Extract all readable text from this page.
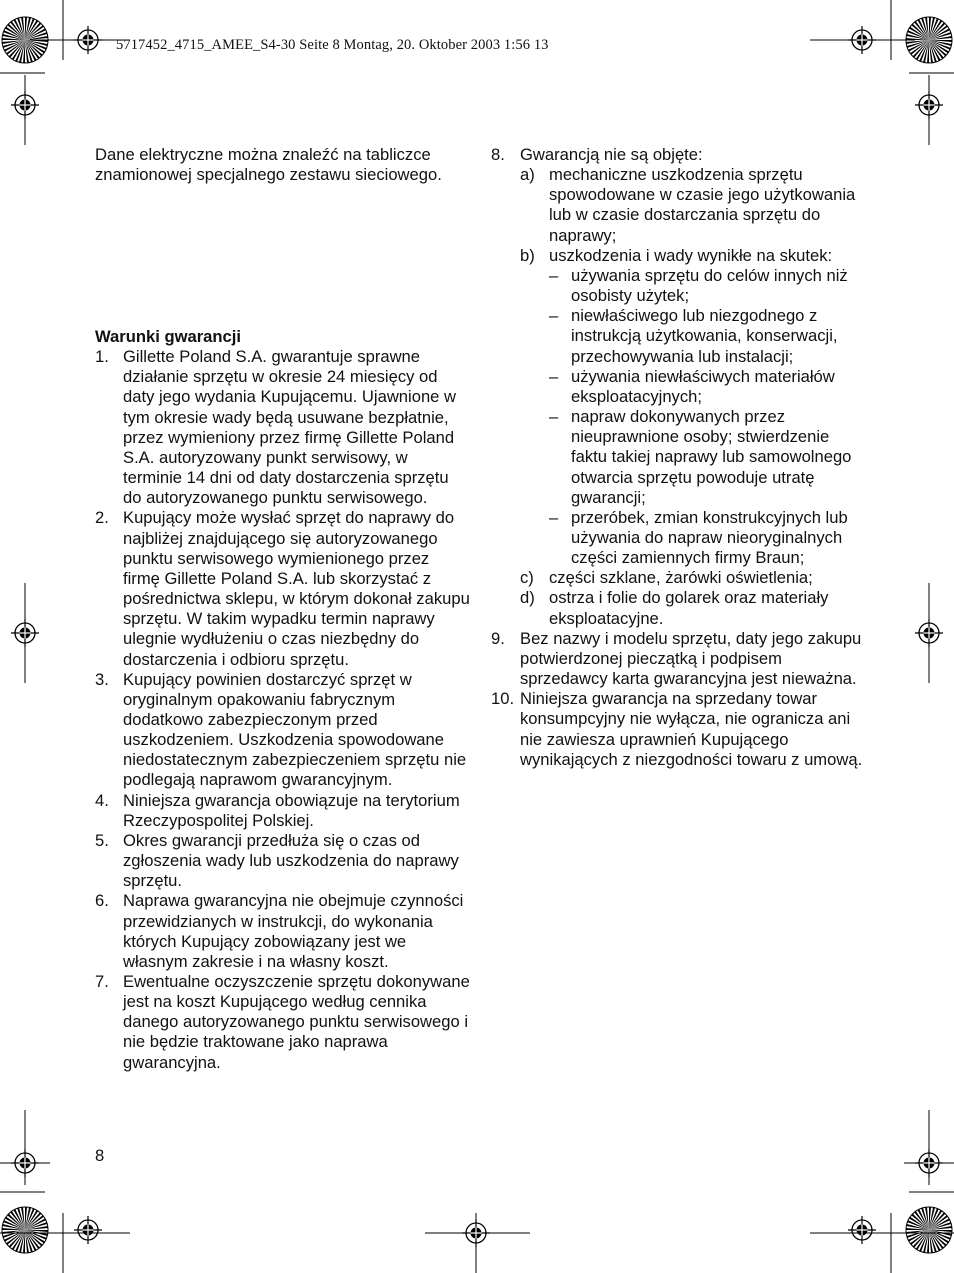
5717452_4715_AMEE_S4-30 Seite 8 Montag, 20. Oktober 2003 1:56 13

Dane elektryczne można znaleźć na tabliczce znamionowej specjalnego zestawu sieciowego.

Warunki gwarancji

1. Gillette Poland S.A. gwarantuje sprawne działanie sprzętu w okresie 24 miesięcy od daty jego wydania Kupującemu. Ujawnione w tym okresie wady będą usuwane bezpłatnie, przez wymieniony przez firmę Gillette Poland S.A. autoryzowany punkt serwisowy, w terminie 14 dni od daty dostarczenia sprzętu do autoryzowanego punktu serwisowego.
2. Kupujący może wysłać sprzęt do naprawy do najbliżej znajdującego się autoryzowanego punktu serwisowego wymienionego przez firmę Gillette Poland S.A. lub skorzystać z pośrednictwa sklepu, w którym dokonał zakupu sprzętu. W takim wypadku termin naprawy ulegnie wydłużeniu o czas niezbędny do dostarczenia i odbioru sprzętu.
3. Kupujący powinien dostarczyć sprzęt w oryginalnym opakowaniu fabrycznym dodatkowo zabezpieczonym przed uszkodzeniem. Uszkodzenia spowodowane niedostatecznym zabezpieczeniem sprzętu nie podlegają naprawom gwarancyjnym.
4. Niniejsza gwarancja obowiązuje na terytorium Rzeczypospolitej Polskiej.
5. Okres gwarancji przedłuża się o czas od zgłoszenia wady lub uszkodzenia do naprawy sprzętu.
6. Naprawa gwarancyjna nie obejmuje czynności przewidzianych w instrukcji, do wykonania których Kupujący zobowiązany jest we własnym zakresie i na własny koszt.
7. Ewentualne oczyszczenie sprzętu dokonywane jest na koszt Kupującego według cennika danego autoryzowanego punktu serwisowego i nie będzie traktowane jako naprawa gwarancyjna.
8. Gwarancją nie są objęte:

a) mechaniczne uszkodzenia sprzętu spowodowane w czasie jego użytkowania lub w czasie dostarczania sprzętu do naprawy;
b) uszkodzenia i wady wynikłe na skutek:

– używania sprzętu do celów innych niż osobisty użytek;
– niewłaściwego lub niezgodnego z instrukcją użytkowania, konserwacji, przechowywania lub instalacji;
– używania niewłaściwych materiałów eksploatacyjnych;
– napraw dokonywanych przez nieuprawnione osoby; stwierdzenie faktu takiej naprawy lub samowolnego otwarcia sprzętu powoduje utratę gwarancji;
– przeróbek, zmian konstrukcyjnych lub używania do napraw nieoryginalnych części zamiennych firmy Braun;
c) części szklane, żarówki oświetlenia;
d) ostrza i folie do golarek oraz materiały eksploatacyjne.
9. Bez nazwy i modelu sprzętu, daty jego zakupu potwierdzonej pieczątką i podpisem sprzedawcy karta gwarancyjna jest nieważna.
10. Niniejsza gwarancja na sprzedany towar konsumpcyjny nie wyłącza, nie ogranicza ani nie zawiesza uprawnień Kupującego wynikających z niezgodności towaru z umową.
8
